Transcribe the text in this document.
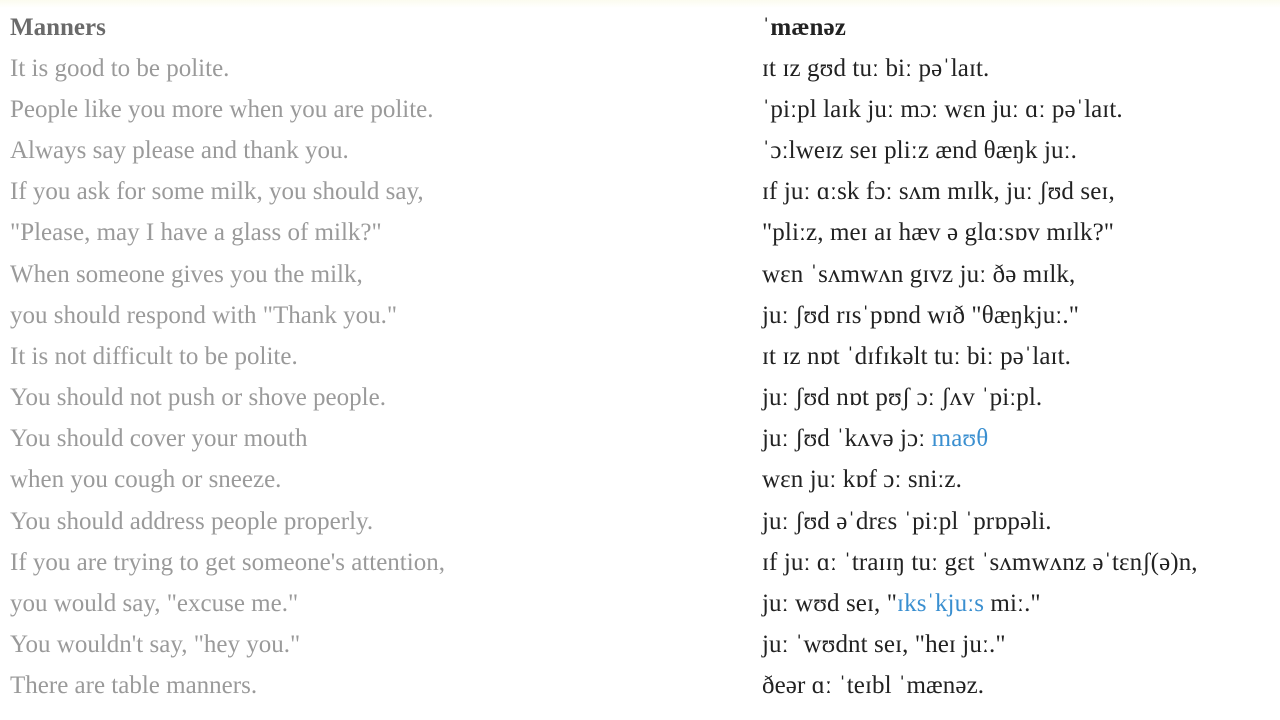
Manners	ˈmænəz
It is good to be polite.	ɪt ɪz gʊd tuː biː pəˈlaɪt.
People like you more when you are polite.	ˈpiːpl laɪk juː mɔː wɛn juː ɑː pəˈlaɪt.
Always say please and thank you.	ˈɔːlweɪz seɪ pliːz ænd θæŋk juː.
If you ask for some milk, you should say,	ɪf juː ɑːsk fɔː sʌm mɪlk, juː ʃʊd seɪ,
"Please, may I have a glass of milk?"	"pliːz, meɪ aɪ hæv ə glɑːsɒv mɪlk?"
When someone gives you the milk,	wɛn ˈsʌmwʌn gɪvz juː ðə mɪlk,
you should respond with "Thank you."	juː ʃʊd rɪsˈpɒnd wɪð "θæŋkjuː."
It is not difficult to be polite.	ɪt ɪz nɒt ˈdɪfɪkəlt tuː biː pəˈlaɪt.
You should not push or shove people.	juː ʃʊd nɒt pʊʃ ɔː ʃʌv ˈpiːpl.
You should cover your mouth	juː ʃʊd ˈkʌvə jɔː maʊθ
when you cough or sneeze.	wɛn juː kɒf ɔː sniːz.
You should address people properly.	juː ʃʊd əˈdrɛs ˈpiːpl ˈprɒpəli.
If you are trying to get someone's attention,	ɪf juː ɑː ˈtraɪɪŋ tuː gɛt ˈsʌmwʌnz əˈtɛnʃ(ə)n,
you would say, "excuse me."	juː wʊd seɪ, "ɪksˈkjuːs miː."
You wouldn't say, "hey you."	juː ˈwʊdnt seɪ, "heɪ juː."
There are table manners.	ðeər ɑː ˈteɪbl ˈmænəz.
